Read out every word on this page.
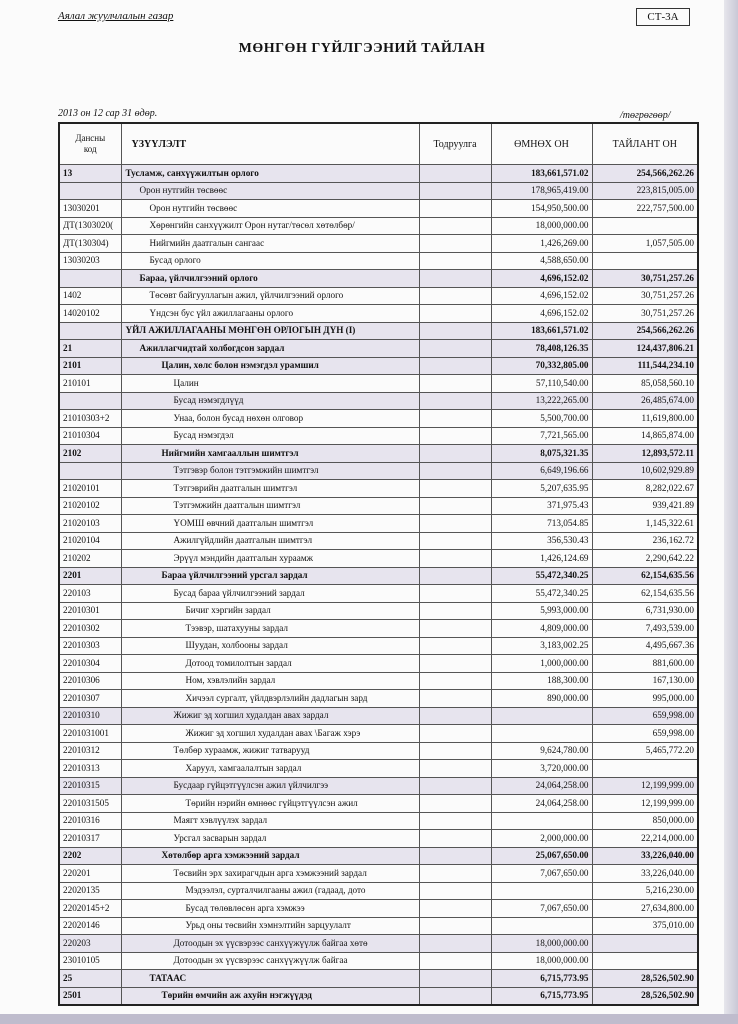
Аялал жуулчлалын газар	СТ-3А
МӨНГӨН ГҮЙЛГЭЭНИЙ ТАЙЛАН
2013 он 12 сар 31 өдөр.	/төгрөгөөр/
Дансны
код	ҮЗҮҮЛЭЛТ	Тодруулга	ӨМНӨХ ОН	ТАЙЛАНТ ОН
13	Тусламж, санхүүжилтын орлого		183,661,571.02	254,566,262.26
	Орон нутгийн төсвөөс		178,965,419.00	223,815,005.00
13030201	Орон нутгийн төсвөөс		154,950,500.00	222,757,500.00
ДТ(1303020(	Хөрөнгийн санхүүжилт Орон нутаг/төсөл хөтөлбөр/		18,000,000.00	
ДТ(130304)	Нийгмийн даатгалын сангаас		1,426,269.00	1,057,505.00
13030203	Бусад орлого		4,588,650.00	
	Бараа, үйлчилгээний орлого		4,696,152.02	30,751,257.26
1402	Төсөвт байгууллагын ажил, үйлчилгээний орлого		4,696,152.02	30,751,257.26
14020102	Үндсэн бус үйл ажиллагааны орлого		4,696,152.02	30,751,257.26
	ҮЙЛ АЖИЛЛАГААНЫ МӨНГӨН ОРЛОГЫН ДҮН (I)		183,661,571.02	254,566,262.26
21	Ажиллагчидтай холбогдсон зардал		78,408,126.35	124,437,806.21
2101	Цалин, хөлс болон нэмэгдэл урамшил		70,332,805.00	111,544,234.10
210101	Цалин		57,110,540.00	85,058,560.10
	Бусад нэмэгдлүүд		13,222,265.00	26,485,674.00
21010303+2	Унаа, болон бусад нөхөн олговор		5,500,700.00	11,619,800.00
21010304	Бусад нэмэгдэл		7,721,565.00	14,865,874.00
2102	Нийгмийн хамгааллын шимтгэл		8,075,321.35	12,893,572.11
	Тэтгэвэр болон тэтгэмжийн шимтгэл		6,649,196.66	10,602,929.89
21020101	Тэтгэврийн даатгалын шимтгэл		5,207,635.95	8,282,022.67
21020102	Тэтгэмжийн даатгалын шимтгэл		371,975.43	939,421.89
21020103	ҮОМШ өвчний даатгалын шимтгэл		713,054.85	1,145,322.61
21020104	Ажилгүйдлийн даатгалын шимтгэл		356,530.43	236,162.72
210202	Эрүүл мэндийн даатгалын хураамж		1,426,124.69	2,290,642.22
2201	Бараа үйлчилгээний урсгал зардал		55,472,340.25	62,154,635.56
220103	Бусад бараа үйлчилгээний зардал		55,472,340.25	62,154,635.56
22010301	Бичиг хэргийн зардал		5,993,000.00	6,731,930.00
22010302	Тээвэр, шатахууны зардал		4,809,000.00	7,493,539.00
22010303	Шуудан, холбооны зардал		3,183,002.25	4,495,667.36
22010304	Дотоод томилолтын зардал		1,000,000.00	881,600.00
22010306	Ном, хэвлэлийн зардал		188,300.00	167,130.00
22010307	Хичээл сургалт, үйлдвэрлэлийн дадлагын зард		890,000.00	995,000.00
22010310	Жижиг эд хогшил худалдан авах зардал			659,998.00
2201031001	Жижиг эд хогшил худалдан авах \Багаж хэрэ			659,998.00
22010312	Төлбөр хураамж, жижиг татварууд		9,624,780.00	5,465,772.20
22010313	Харуул, хамгаалалтын зардал		3,720,000.00	
22010315	Бусдаар гүйцэтгүүлсэн ажил үйлчилгээ		24,064,258.00	12,199,999.00
2201031505	Төрийн нэрийн өмнөөс гүйцэтгүүлсэн ажил		24,064,258.00	12,199,999.00
22010316	Маягт хэвлүүлэх зардал			850,000.00
22010317	Урсгал засварын зардал		2,000,000.00	22,214,000.00
2202	Хөтөлбөр арга хэмжээний зардал		25,067,650.00	33,226,040.00
220201	Төсвийн эрх захирагчдын арга хэмжээний зардал		7,067,650.00	33,226,040.00
22020135	Мэдээлэл, сурталчилгааны ажил (гадаад, дото			5,216,230.00
22020145+2	Бусад төлөвлөсөн арга хэмжээ		7,067,650.00	27,634,800.00
22020146	Урьд оны төсвийн хэмнэлтийн зарцуулалт			375,010.00
220203	Дотоодын эх үүсвэрээс санхүүжүүлж байгаа хөтө		18,000,000.00	
23010105	Дотоодын эх үүсвэрээс санхүүжүүлж байгаа		18,000,000.00	
25	ТАТААС		6,715,773.95	28,526,502.90
2501	Төрийн өмчийн аж ахуйн нэгжүүдэд		6,715,773.95	28,526,502.90
